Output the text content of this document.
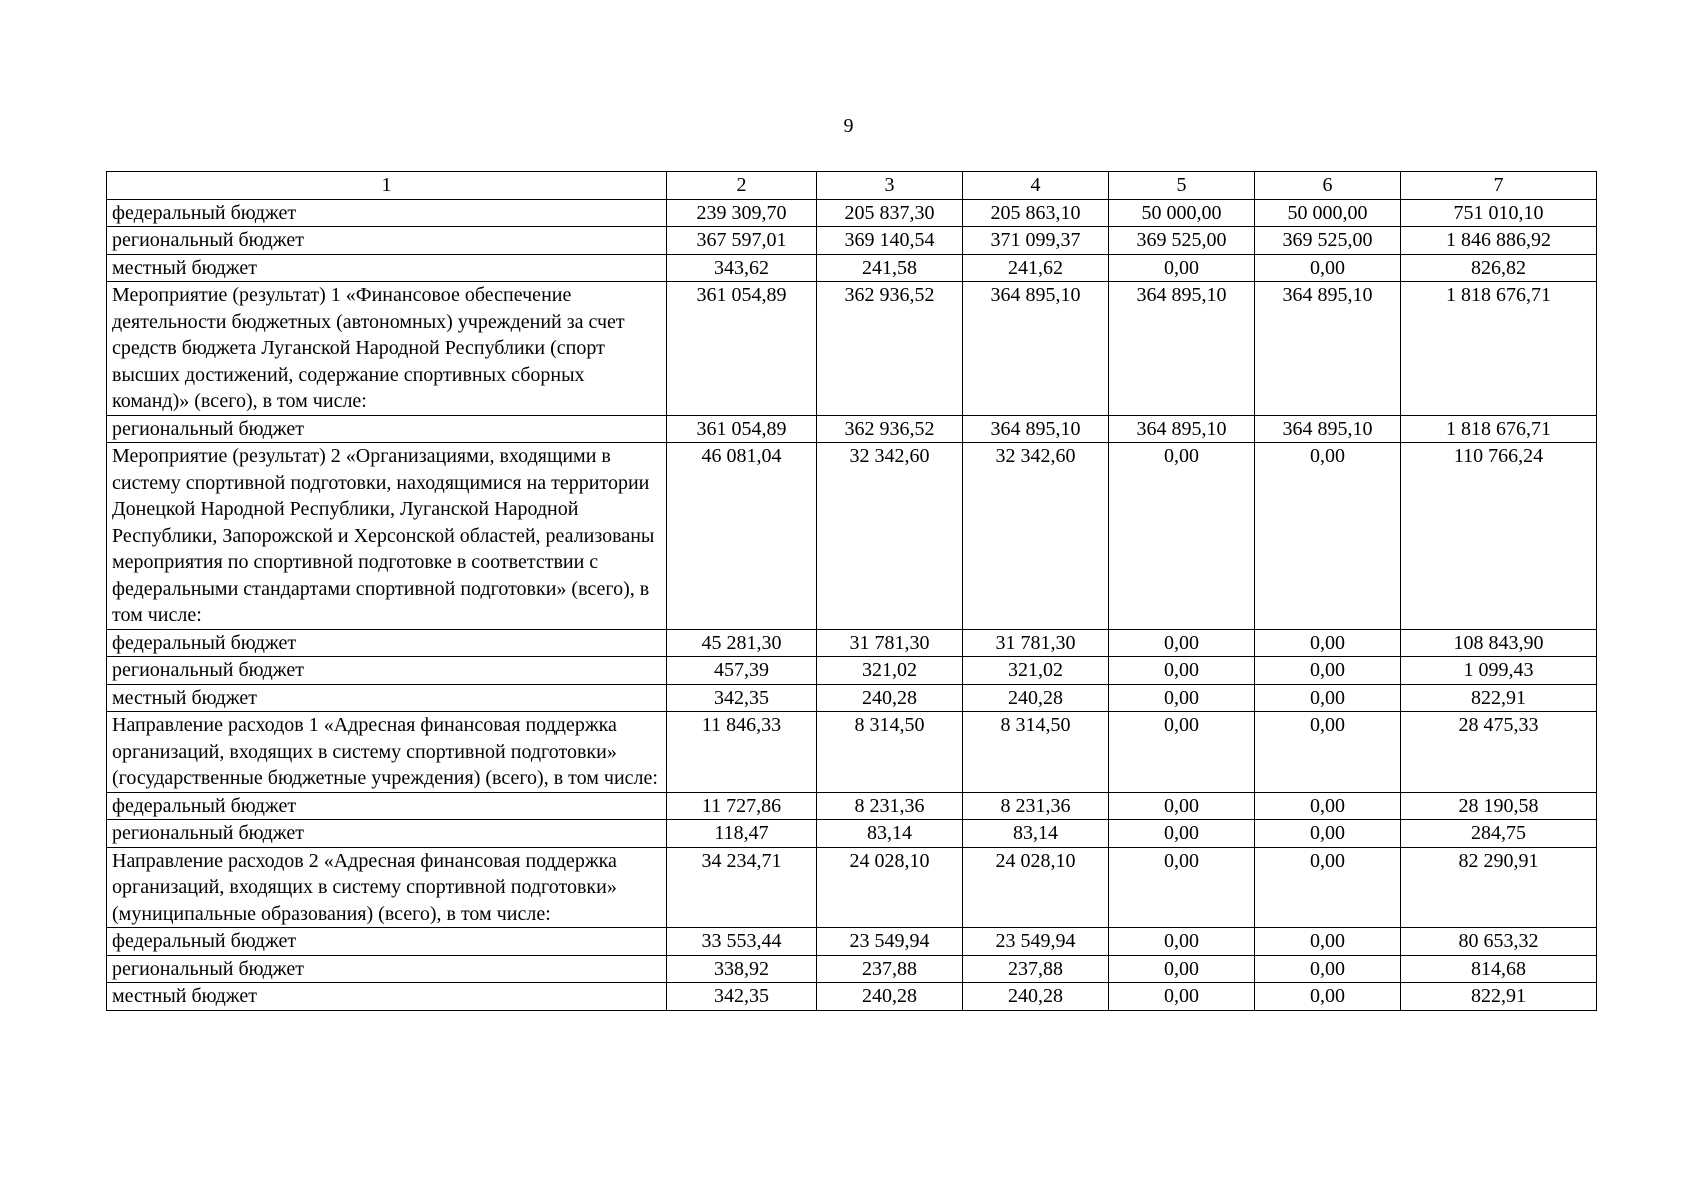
9
1	2	3	4	5	6	7
федеральный бюджет	239 309,70	205 837,30	205 863,10	50 000,00	50 000,00	751 010,10
региональный бюджет	367 597,01	369 140,54	371 099,37	369 525,00	369 525,00	1 846 886,92
местный бюджет	343,62	241,58	241,62	0,00	0,00	826,82
Мероприятие (результат) 1 «Финансовое обеспечение деятельности бюджетных (автономных) учреждений за счет средств бюджета Луганской Народной Республики (спорт высших достижений, содержание спортивных сборных команд)» (всего), в том числе:	361 054,89	362 936,52	364 895,10	364 895,10	364 895,10	1 818 676,71
региональный бюджет	361 054,89	362 936,52	364 895,10	364 895,10	364 895,10	1 818 676,71
Мероприятие (результат) 2 «Организациями, входящими в систему спортивной подготовки, находящимися на территории Донецкой Народной Республики, Луганской Народной Республики, Запорожской и Херсонской областей, реализованы мероприятия по спортивной подготовке в соответствии с федеральными стандартами спортивной подготовки» (всего), в том числе:	46 081,04	32 342,60	32 342,60	0,00	0,00	110 766,24
федеральный бюджет	45 281,30	31 781,30	31 781,30	0,00	0,00	108 843,90
региональный бюджет	457,39	321,02	321,02	0,00	0,00	1 099,43
местный бюджет	342,35	240,28	240,28	0,00	0,00	822,91
Направление расходов 1 «Адресная финансовая поддержка организаций, входящих в систему спортивной подготовки» (государственные бюджетные учреждения) (всего), в том числе:	11 846,33	8 314,50	8 314,50	0,00	0,00	28 475,33
федеральный бюджет	11 727,86	8 231,36	8 231,36	0,00	0,00	28 190,58
региональный бюджет	118,47	83,14	83,14	0,00	0,00	284,75
Направление расходов 2 «Адресная финансовая поддержка организаций, входящих в систему спортивной подготовки» (муниципальные образования) (всего), в том числе:	34 234,71	24 028,10	24 028,10	0,00	0,00	82 290,91
федеральный бюджет	33 553,44	23 549,94	23 549,94	0,00	0,00	80 653,32
региональный бюджет	338,92	237,88	237,88	0,00	0,00	814,68
местный бюджет	342,35	240,28	240,28	0,00	0,00	822,91
